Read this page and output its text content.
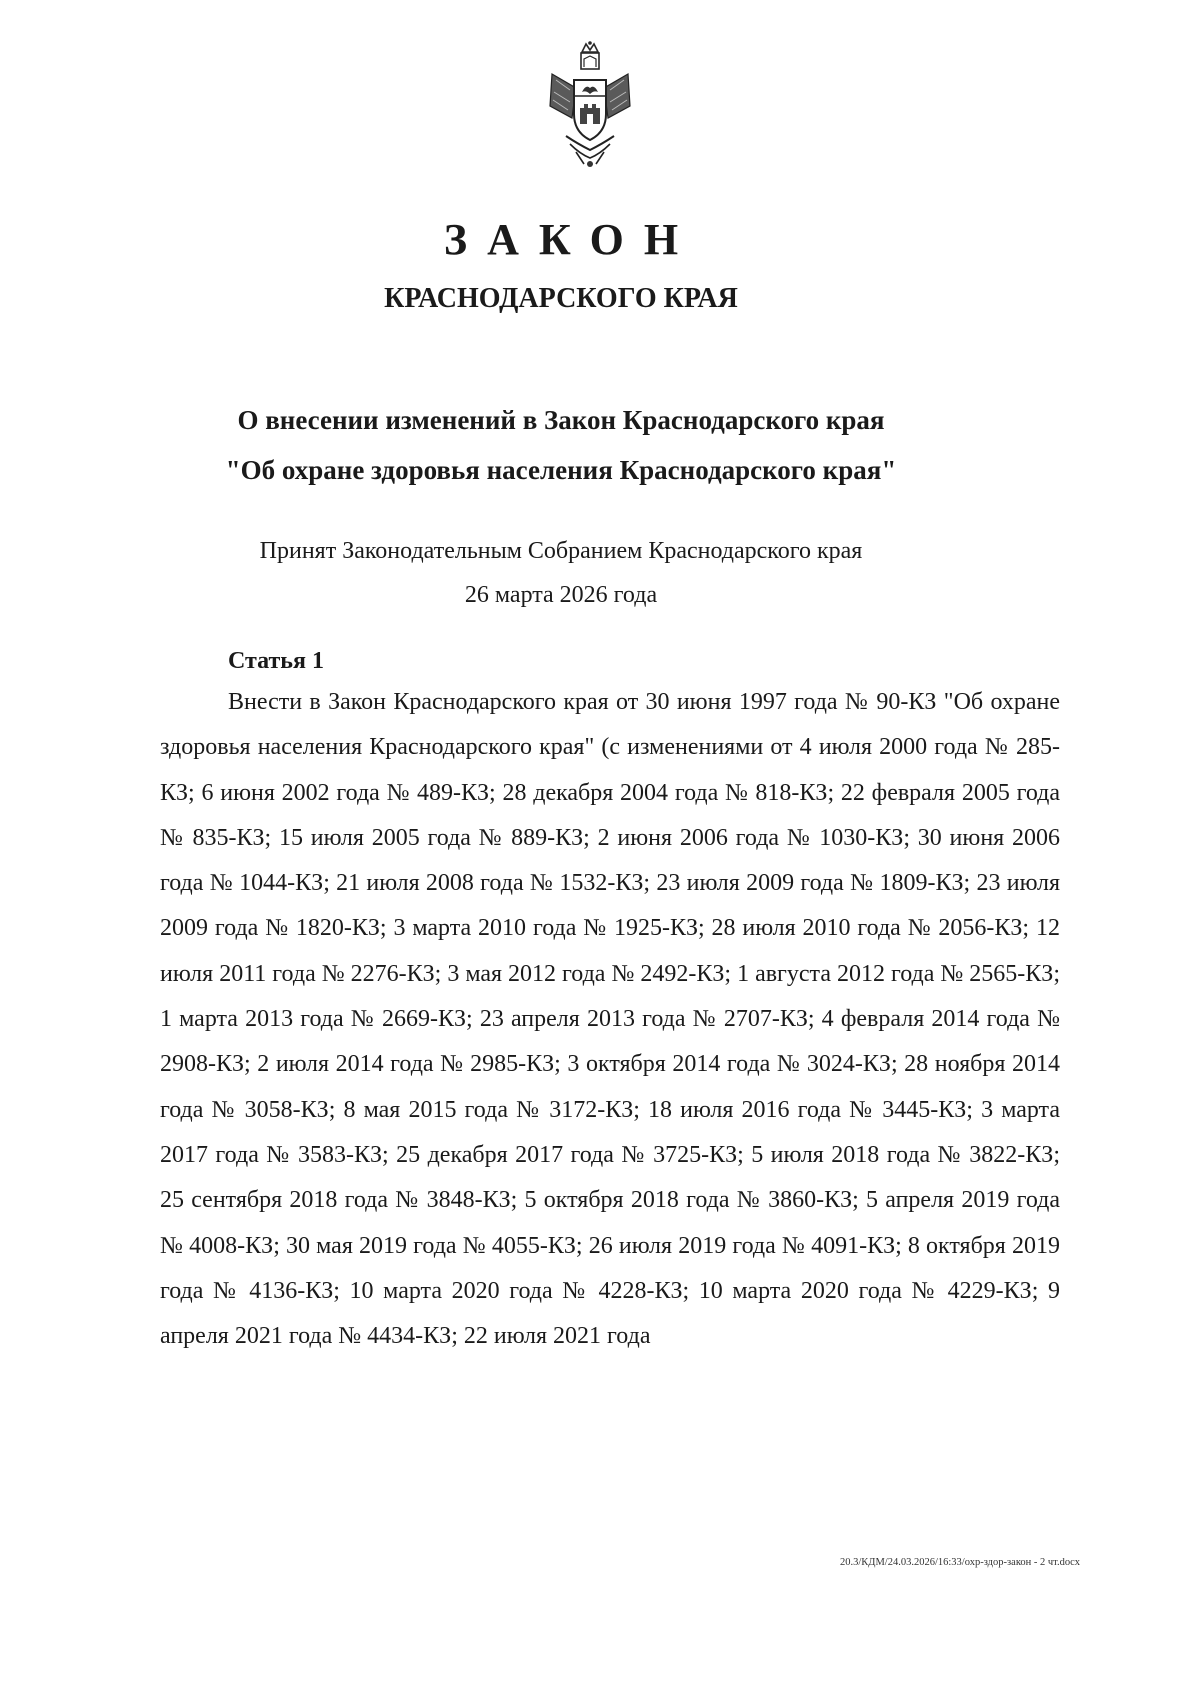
ЗАКОН
КРАСНОДАРСКОГО КРАЯ
О внесении изменений в Закон Краснодарского края
"Об охране здоровья населения Краснодарского края"
Принят Законодательным Собранием Краснодарского края
26 марта 2026 года
Статья 1

Внести в Закон Краснодарского края от 30 июня 1997 года № 90-КЗ "Об охране здоровья населения Краснодарского края" (с изменениями от 4 июля 2000 года № 285-КЗ; 6 июня 2002 года № 489-КЗ; 28 декабря 2004 года № 818-КЗ; 22 февраля 2005 года № 835-КЗ; 15 июля 2005 года № 889-КЗ; 2 июня 2006 года № 1030-КЗ; 30 июня 2006 года № 1044-КЗ; 21 июля 2008 года № 1532-КЗ; 23 июля 2009 года № 1809-КЗ; 23 июля 2009 года № 1820-КЗ; 3 марта 2010 года № 1925-КЗ; 28 июля 2010 года № 2056-КЗ; 12 июля 2011 года № 2276-КЗ; 3 мая 2012 года № 2492-КЗ; 1 августа 2012 года № 2565-КЗ; 1 марта 2013 года № 2669-КЗ; 23 апреля 2013 года № 2707-КЗ; 4 февраля 2014 года № 2908-КЗ; 2 июля 2014 года № 2985-КЗ; 3 октября 2014 года № 3024-КЗ; 28 ноября 2014 года № 3058-КЗ; 8 мая 2015 года № 3172-КЗ; 18 июля 2016 года № 3445-КЗ; 3 марта 2017 года № 3583-КЗ; 25 декабря 2017 года № 3725-КЗ; 5 июля 2018 года № 3822-КЗ; 25 сентября 2018 года № 3848-КЗ; 5 октября 2018 года № 3860-КЗ; 5 апреля 2019 года № 4008-КЗ; 30 мая 2019 года № 4055-КЗ; 26 июля 2019 года № 4091-КЗ; 8 октября 2019 года № 4136-КЗ; 10 марта 2020 года № 4228-КЗ; 10 марта 2020 года № 4229-КЗ; 9 апреля 2021 года № 4434-КЗ; 22 июля 2021 года

20.3/КДМ/24.03.2026/16:33/охр-здор-закон - 2 чт.docx
